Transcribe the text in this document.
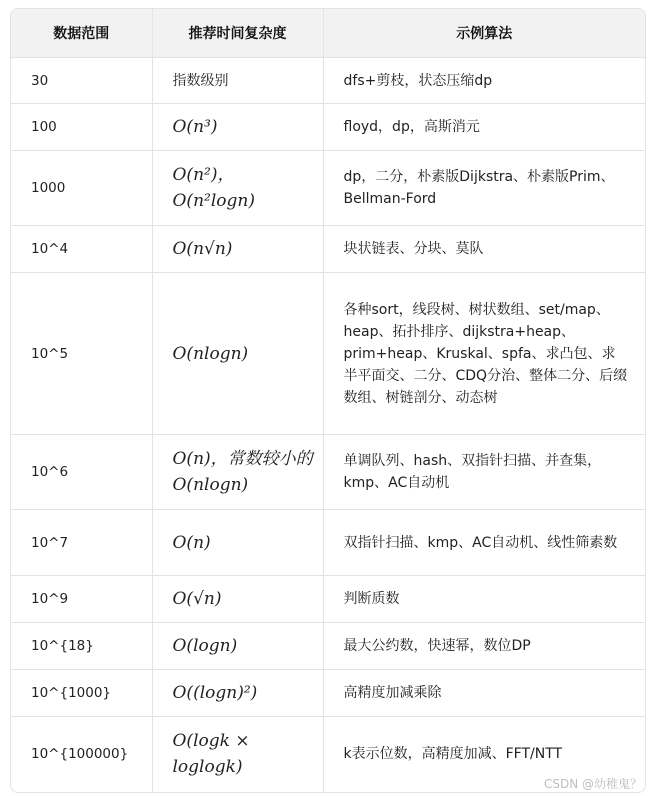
数据范围	推荐时间复杂度	示例算法
30	指数级别	dfs+剪枝，状态压缩dp
100	O(n³)	floyd，dp，高斯消元
1000	O(n²)，O(n²logn)	dp，二分，朴素版Dijkstra、朴素版Prim、Bellman-Ford
10^4	O(n√n)	块状链表、分块、莫队
10^5	O(nlogn)	各种sort，线段树、树状数组、set/map、heap、拓扑排序、dijkstra+heap、prim+heap、Kruskal、spfa、求凸包、求半平面交、二分、CDQ分治、整体二分、后缀数组、树链剖分、动态树
10^6	O(n)，常数较小的O(nlogn)	单调队列、hash、双指针扫描、并查集，kmp、AC自动机
10^7	O(n)	双指针扫描、kmp、AC自动机、线性筛素数
10^9	O(√n)	判断质数
10^{18}	O(logn)	最大公约数，快速幂，数位DP
10^{1000}	O((logn)²)	高精度加减乘除
10^{100000}	O(logk × loglogk)	k表示位数，高精度加减、FFT/NTT
CSDN @幼稚鬼？
